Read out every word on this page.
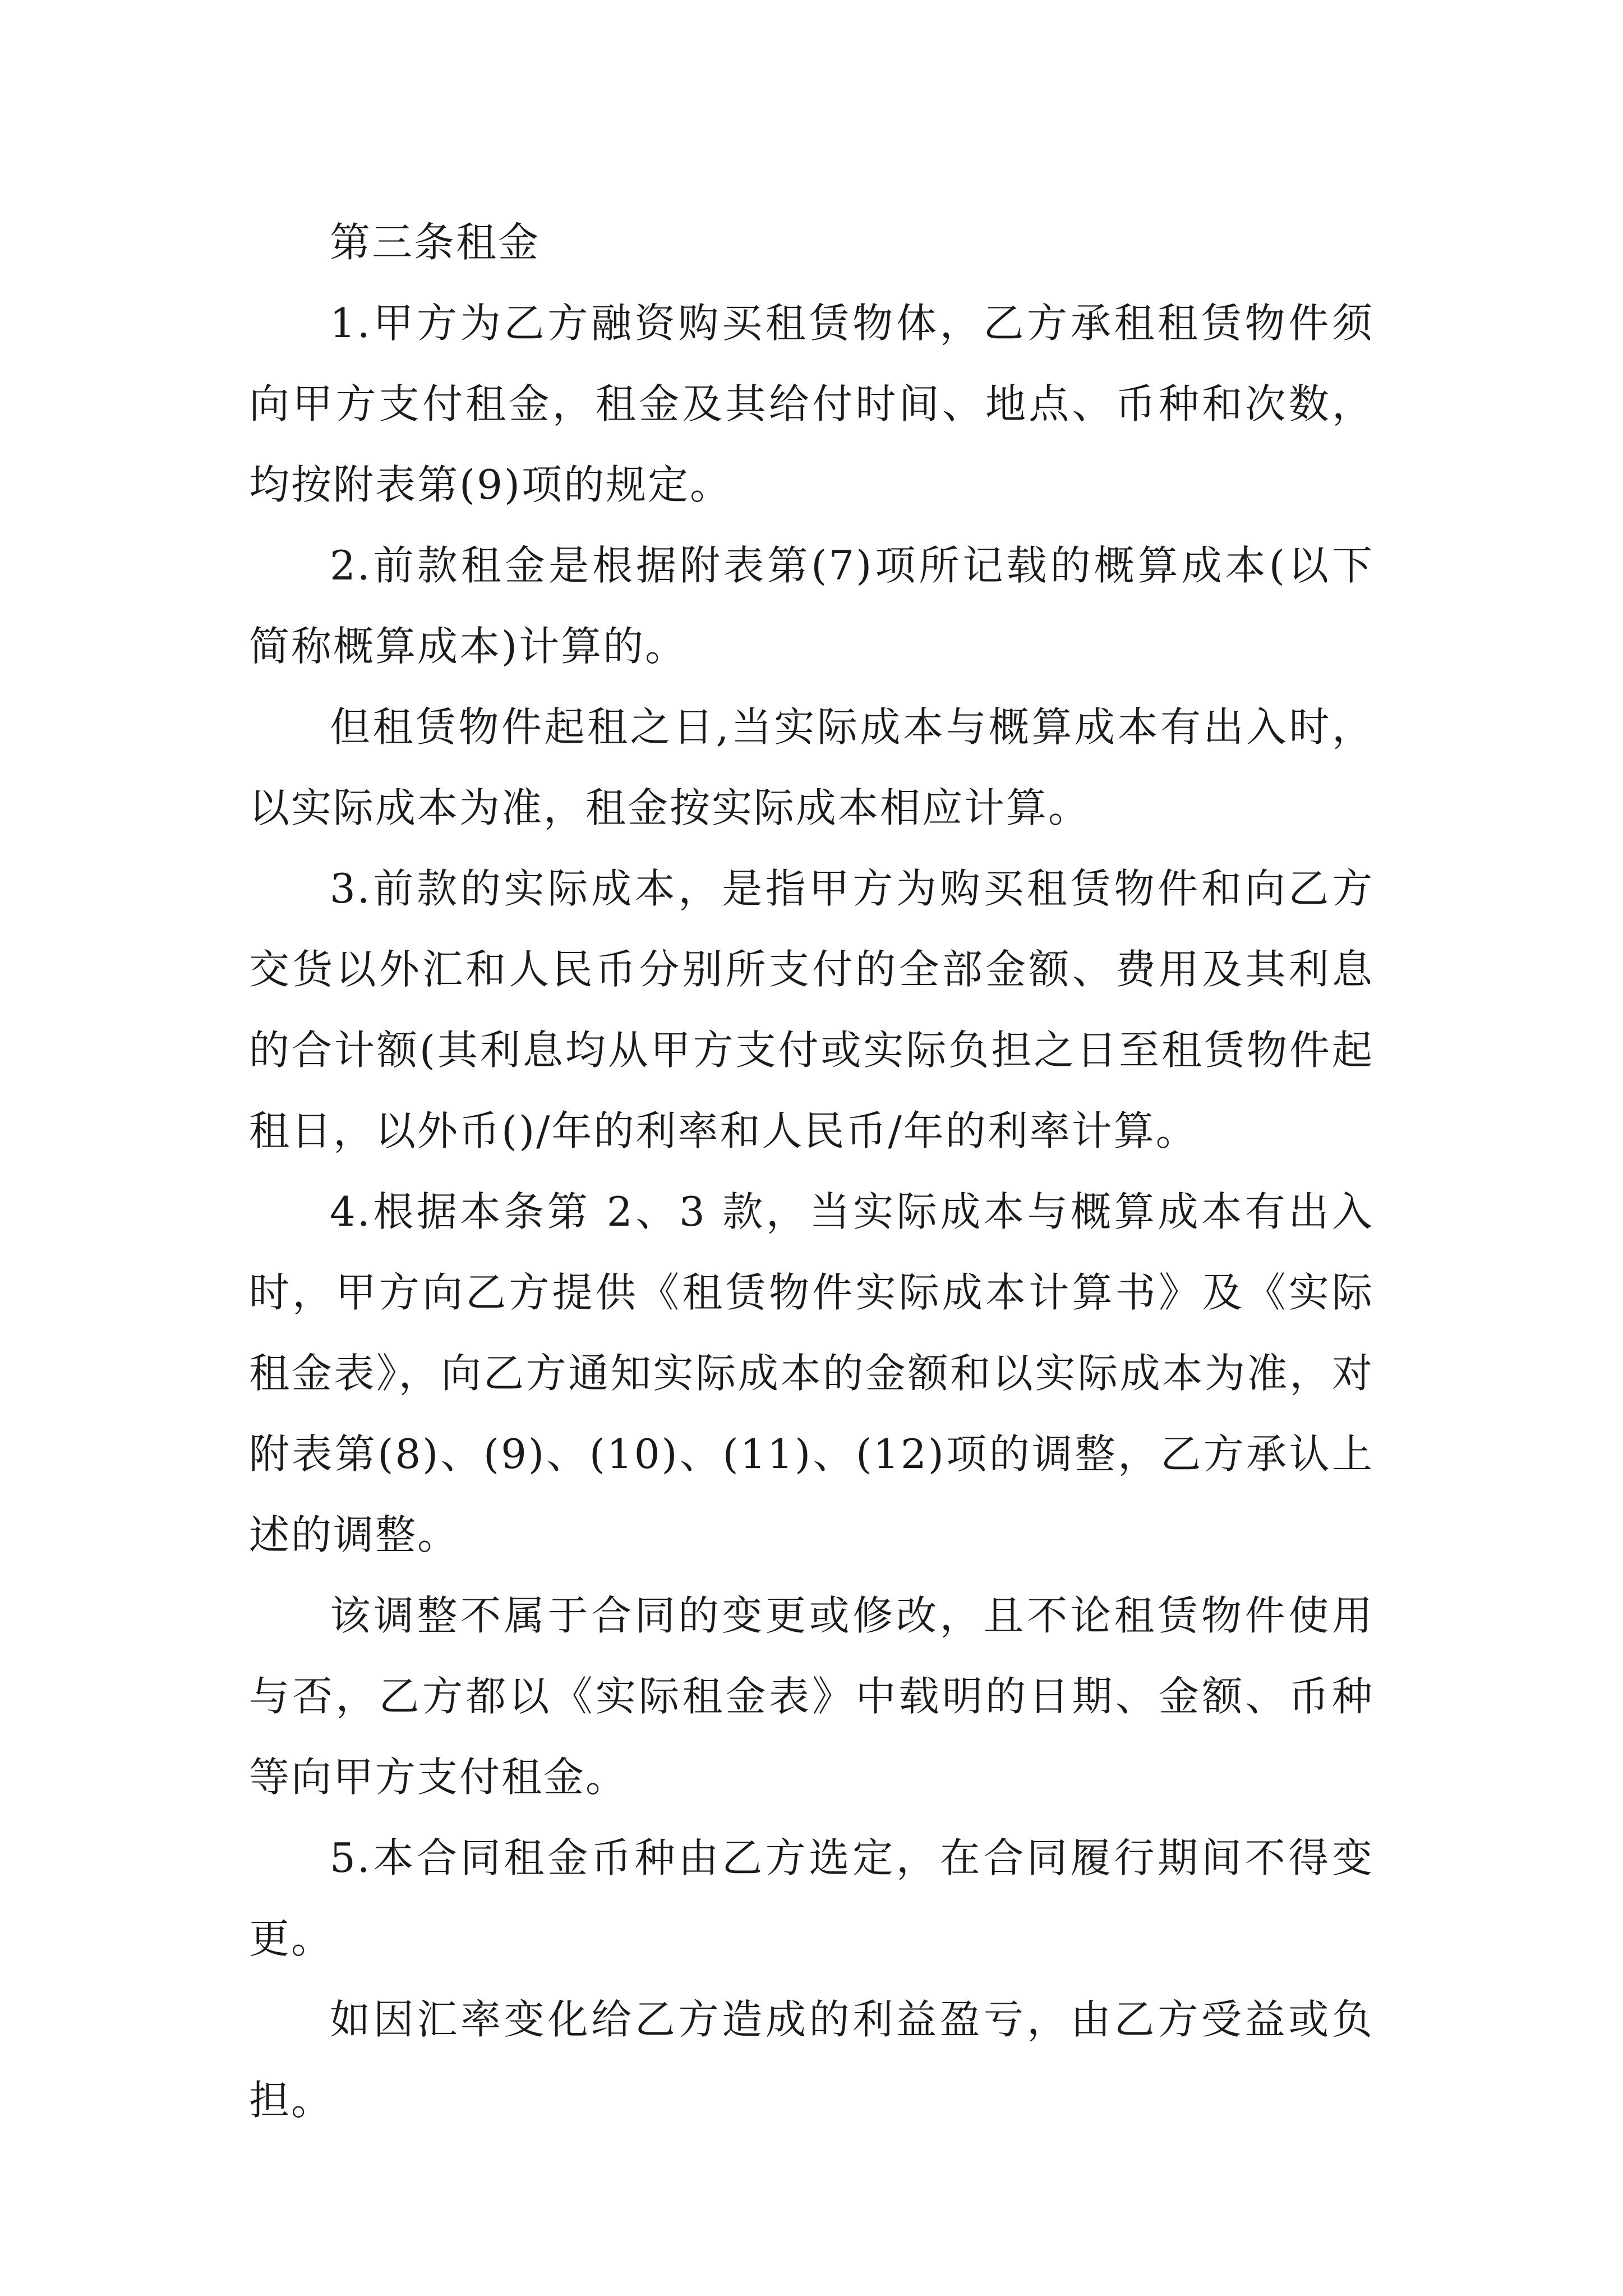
第三条租金

1.甲方为乙方融资购买租赁物体，乙方承租租赁物件须向甲方支付租金，租金及其给付时间、地点、币种和次数，均按附表第(9)项的规定。

2.前款租金是根据附表第(7)项所记载的概算成本(以下简称概算成本)计算的。

但租赁物件起租之日,当实际成本与概算成本有出入时，以实际成本为准，租金按实际成本相应计算。

3.前款的实际成本，是指甲方为购买租赁物件和向乙方交货以外汇和人民币分别所支付的全部金额、费用及其利息的合计额(其利息均从甲方支付或实际负担之日至租赁物件起租日，以外币()/年的利率和人民币/年的利率计算。

4.根据本条第 2、3 款，当实际成本与概算成本有出入时，甲方向乙方提供《租赁物件实际成本计算书》及《实际租金表》，向乙方通知实际成本的金额和以实际成本为准，对附表第(8)、(9)、(10)、(11)、(12)项的调整，乙方承认上述的调整。

该调整不属于合同的变更或修改，且不论租赁物件使用与否，乙方都以《实际租金表》中载明的日期、金额、币种等向甲方支付租金。

5.本合同租金币种由乙方选定，在合同履行期间不得变更。

如因汇率变化给乙方造成的利益盈亏，由乙方受益或负担。
